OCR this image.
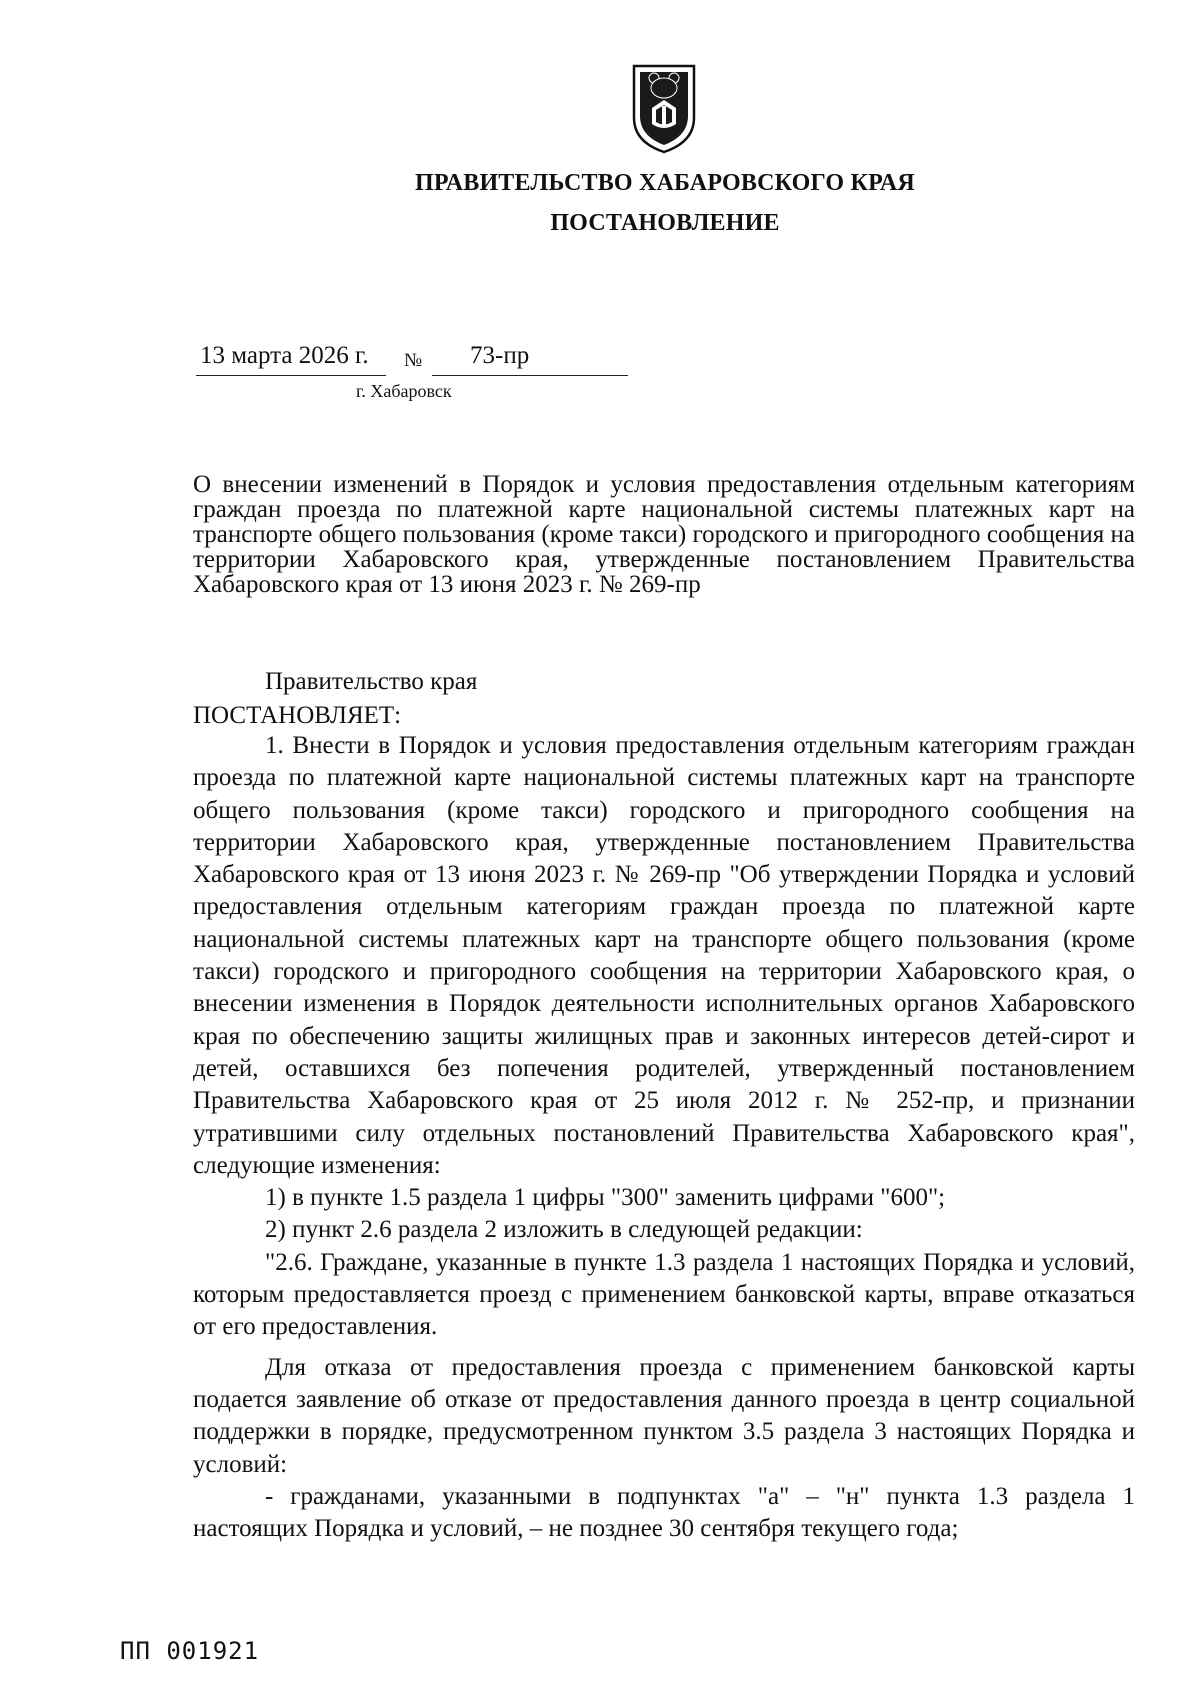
ПРАВИТЕЛЬСТВО ХАБАРОВСКОГО КРАЯ
ПОСТАНОВЛЕНИЕ
13 марта 2026 г. № 73-пр
г. Хабаровск
О внесении изменений в Порядок и условия предоставления отдельным категориям граждан проезда по платежной карте национальной системы платежных карт на транспорте общего пользования (кроме такси) городского и пригородного сообщения на территории Хабаровского края, утвержденные постановлением Правительства Хабаровского края от 13 июня 2023 г. № 269-пр
Правительство края
ПОСТАНОВЛЯЕТ:

1. Внести в Порядок и условия предоставления отдельным категориям граждан проезда по платежной карте национальной системы платежных карт на транспорте общего пользования (кроме такси) городского и пригородного сообщения на территории Хабаровского края, утвержденные постановлением Правительства Хабаровского края от 13 июня 2023 г. № 269-пр "Об утверждении Порядка и условий предоставления отдельным категориям граждан проезда по платежной карте национальной системы платежных карт на транспорте общего пользования (кроме такси) городского и пригородного сообщения на территории Хабаровского края, о внесении изменения в Порядок деятельности исполнительных органов Хабаровского края по обеспечению защиты жилищных прав и законных интересов детей-сирот и детей, оставшихся без попечения родителей, утвержденный постановлением Правительства Хабаровского края от 25 июля 2012 г. № 252-пр, и признании утратившими силу отдельных постановлений Правительства Хабаровского края", следующие изменения:

1) в пункте 1.5 раздела 1 цифры "300" заменить цифрами "600";

2) пункт 2.6 раздела 2 изложить в следующей редакции:

"2.6. Граждане, указанные в пункте 1.3 раздела 1 настоящих Порядка и условий, которым предоставляется проезд с применением банковской карты, вправе отказаться от его предоставления.

Для отказа от предоставления проезда с применением банковской карты подается заявление об отказе от предоставления данного проезда в центр социальной поддержки в порядке, предусмотренном пунктом 3.5 раздела 3 настоящих Порядка и условий:

- гражданами, указанными в подпунктах "а" – "н" пункта 1.3 раздела 1 настоящих Порядка и условий, – не позднее 30 сентября текущего года;

ПП 001921
